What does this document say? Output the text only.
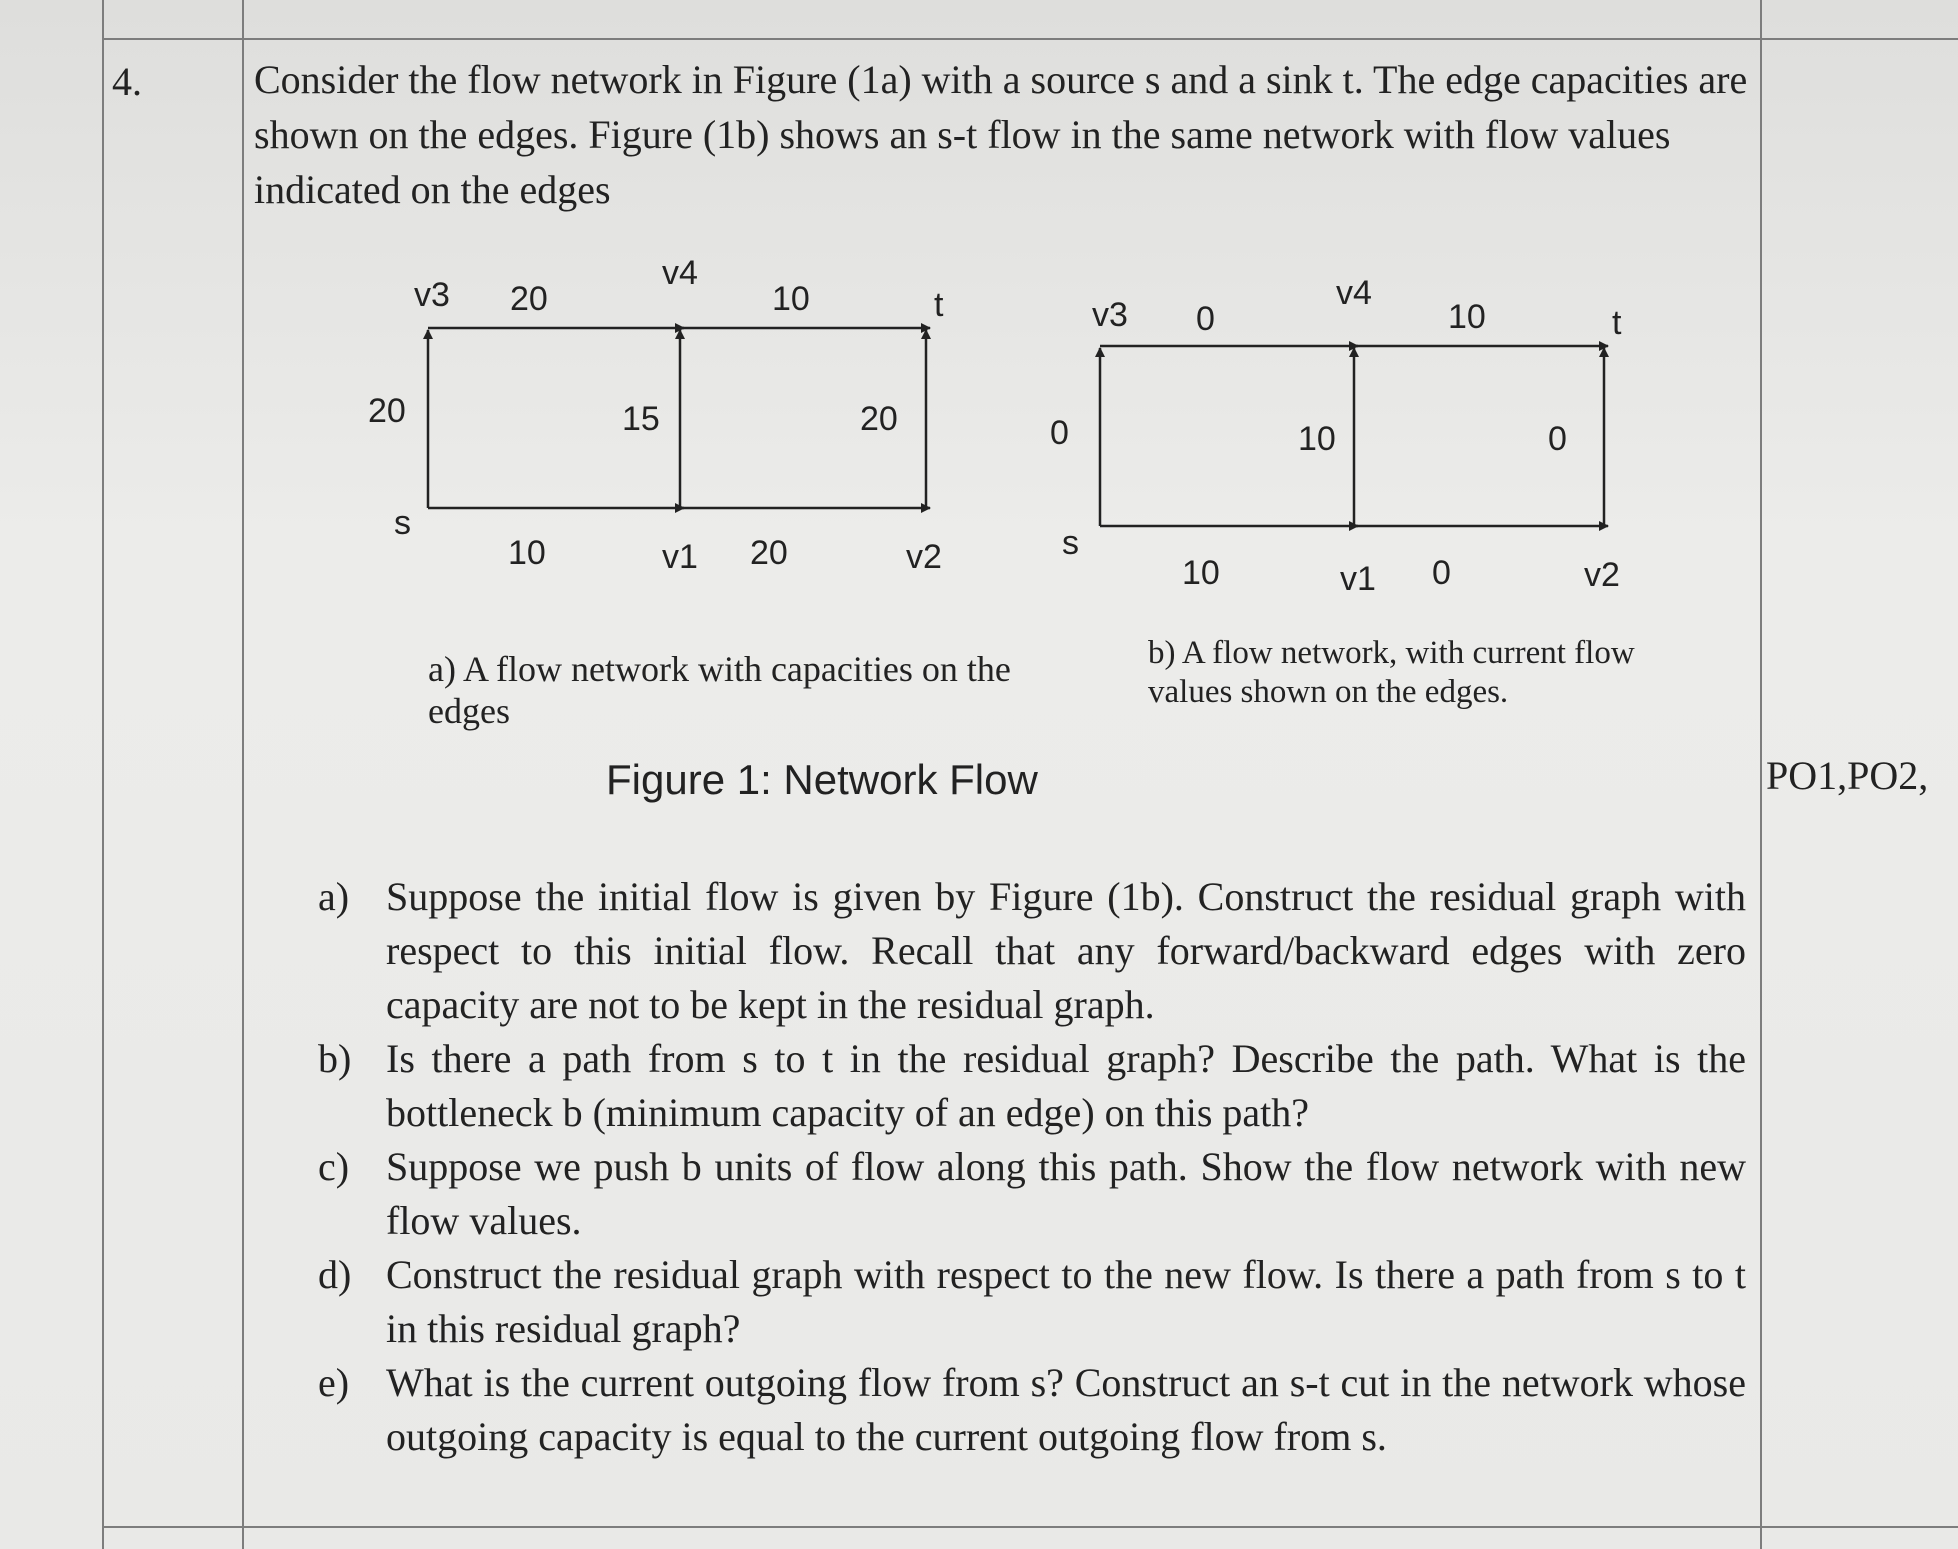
4.	Consider the flow network in Figure (1a) with a source s and a sink t. The edge capacities are shown on the edges. Figure (1b) shows an s-t flow in the same network with flow values indicated on the edges
v3 20
v4
10	t
20	15	20
s
10	v1 20	v2
v3 0
v4
10	t
0	10	0
s
10	v1 0	v2
a) A flow network with capacities on the edges
b) A flow network, with current flow values shown on the edges.
Figure 1: Network Flow	PO1,PO2,
a) Suppose the initial flow is given by Figure (1b). Construct the residual graph with respect to this initial flow. Recall that any forward/backward edges with zero capacity are not to be kept in the residual graph.
b) Is there a path from s to t in the residual graph? Describe the path. What is the bottleneck b (minimum capacity of an edge) on this path?
c) Suppose we push b units of flow along this path. Show the flow network with new flow values.
d) Construct the residual graph with respect to the new flow. Is there a path from s to t in this residual graph?
e) What is the current outgoing flow from s? Construct an s-t cut in the network whose outgoing capacity is equal to the current outgoing flow from s.
